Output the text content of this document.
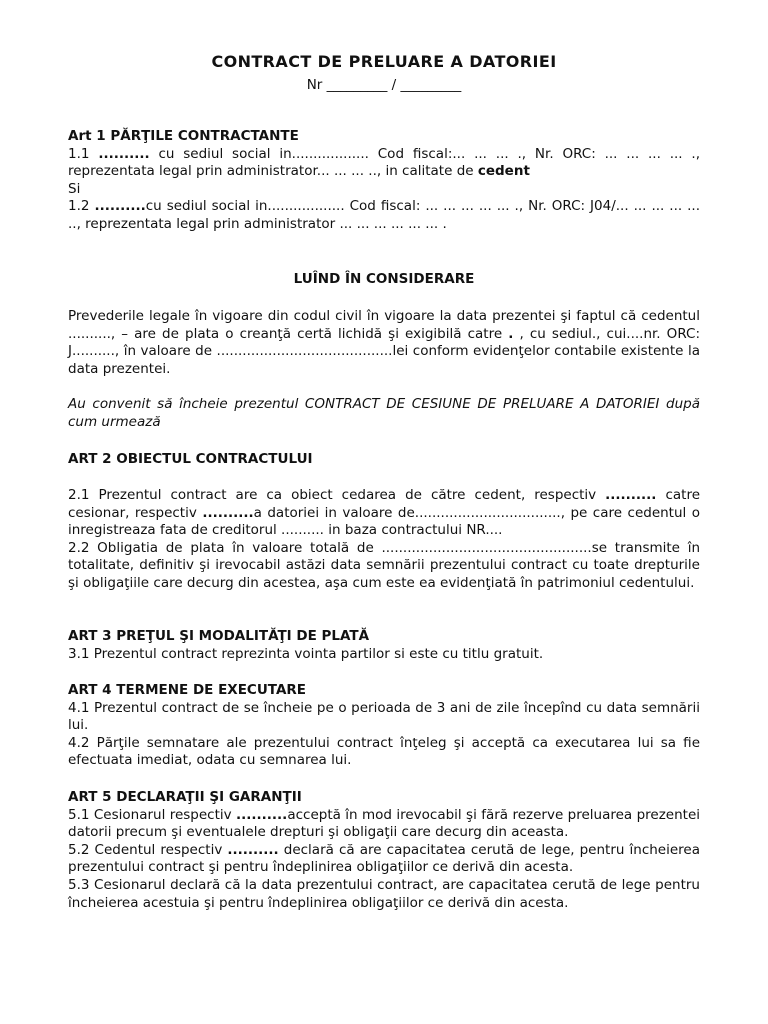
CONTRACT DE PRELUARE A DATORIEI
Nr _________ / _________

Art 1 PĂRŢILE CONTRACTANTE

1.1 .......... cu sediul social in.................. Cod fiscal:... ... ... ., Nr. ORC: ... ... ... ... ., reprezentata legal prin administrator... ... ... .., in calitate de cedent

Si

1.2 ..........cu sediul social in.................. Cod fiscal: ... ... ... ... ... ., Nr. ORC: J04/... ... ... ... ... .., reprezentata legal prin administrator ... ... ... ... ... ... .

LUÎND ÎN CONSIDERARE

Prevederile legale în vigoare din codul civil în vigoare la data prezentei şi faptul că cedentul .........., – are de plata o creanţă certă lichidă şi exigibilă catre . , cu sediul., cui....nr. ORC: J.........., în valoare de .........................................lei conform evidenţelor contabile existente la data prezentei.

Au convenit să încheie prezentul CONTRACT DE CESIUNE DE PRELUARE A DATORIEI după cum urmează
ART 2 OBIECTUL CONTRACTULUI

2.1 Prezentul contract are ca obiect cedarea de către cedent, respectiv .......... catre cesionar, respectiv ..........a datoriei in valoare de.................................., pe care cedentul o inregistreaza fata de creditorul .......... in baza contractului NR....

2.2 Obligatia de plata în valoare totală de .................................................se transmite în totalitate, definitiv şi irevocabil astăzi data semnării prezentului contract cu toate drepturile şi obligaţiile care decurg din acestea, aşa cum este ea evidenţiată în patrimoniul cedentului.

ART 3 PREŢUL ŞI MODALITĂŢI DE PLATĂ

3.1 Prezentul contract reprezinta vointa partilor si este cu titlu gratuit.

ART 4 TERMENE DE EXECUTARE

4.1 Prezentul contract de se încheie pe o perioada de 3 ani de zile începînd cu data semnării lui.

4.2 Părţile semnatare ale prezentului contract înţeleg şi acceptă ca executarea lui sa fie efectuata imediat, odata cu semnarea lui.

ART 5 DECLARAŢII ŞI GARANŢII

5.1 Cesionarul respectiv ..........acceptă în mod irevocabil şi fără rezerve preluarea prezentei datorii precum şi eventualele drepturi şi obligaţii care decurg din aceasta.

5.2 Cedentul respectiv .......... declară că are capacitatea cerută de lege, pentru încheierea prezentului contract şi pentru îndeplinirea obligaţiilor ce derivă din acesta.

5.3 Cesionarul declară că la data prezentului contract, are capacitatea cerută de lege pentru încheierea acestuia şi pentru îndeplinirea obligaţiilor ce derivă din acesta.
